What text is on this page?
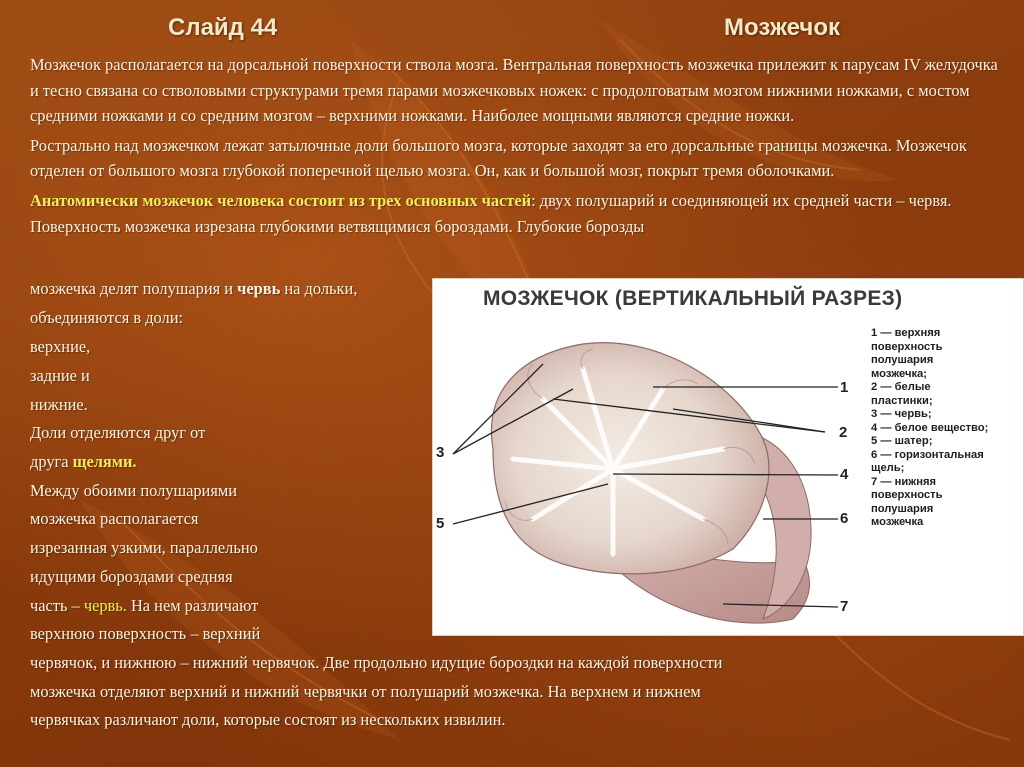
Слайд 44	Мозжечок

Мозжечок располагается на дорсальной поверхности ствола мозга. Вентральная поверхность мозжечка прилежит к парусам IV желудочка и тесно связана со стволовыми структурами тремя парами мозжечковых ножек: с продолговатым мозгом нижними ножками, с мостом средними ножками и со средним мозгом – верхними ножками. Наиболее мощными являются средние ножки.

Рострально над мозжечком лежат затылочные доли большого мозга, которые заходят за его дорсальные границы мозжечка. Мозжечок отделен от большого мозга глубокой поперечной щелью мозга. Он, как и большой мозг, покрыт тремя оболочками.

Анатомически мозжечок человека состоит из трех основных частей: двух полушарий и соединяющей их средней части – червя. Поверхность мозжечка изрезана глубокими ветвящимися бороздами. Глубокие борозды

мозжечка делят полушария и червь на дольки,
объединяются в доли:
верхние,
задние и
нижние.
Доли отделяются друг от
друга щелями.
Между обоими полушариями
мозжечка располагается
изрезанная узкими, параллельно
идущими бороздами средняя
часть – червь. На нем различают
верхнюю поверхность – верхний
червячок, и нижнюю – нижний червячок. Две продольно идущие бороздки на каждой поверхности
мозжечка отделяют верхний и нижний червячки от полушарий мозжечка. На верхнем и нижнем
червячках различают доли, которые состоят из нескольких извилин.
МОЗЖЕЧОК (ВЕРТИКАЛЬНЫЙ РАЗРЕЗ)
1
2
3
4
5	6
7
1 — верхняя
поверхность
полушария
мозжечка;
2 — белые
пластинки;
3 — червь;
4 — белое вещество;
5 — шатер;
6 — горизонтальная
щель;
7 — нижняя
поверхность
полушария
мозжечка
